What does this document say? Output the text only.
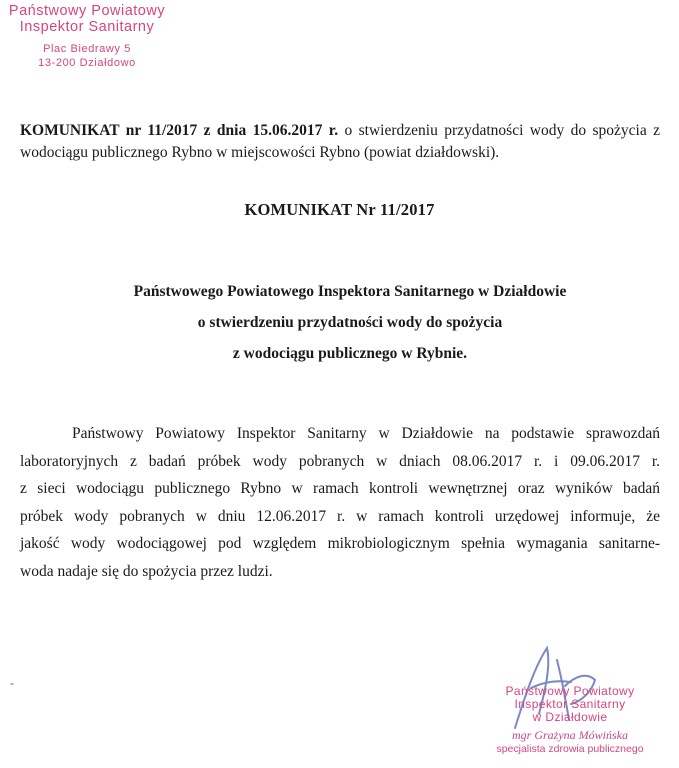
Państwowy Powiatowy
Inspektor Sanitarny
Plac Biedrawy 5
13-200 Działdowo
KOMUNIKAT nr 11/2017 z dnia 15.06.2017 r. o stwierdzeniu przydatności wody do spożycia z wodociągu publicznego Rybno w miejscowości Rybno (powiat działdowski).
KOMUNIKAT Nr 11/2017
Państwowego Powiatowego Inspektora Sanitarnego w Działdowie
o stwierdzeniu przydatności wody do spożycia
z wodociągu publicznego w Rybnie.
Państwowy Powiatowy Inspektor Sanitarny w Działdowie na podstawie sprawozdań
laboratoryjnych z badań próbek wody pobranych w dniach 08.06.2017 r. i 09.06.2017 r.
z sieci wodociągu publicznego Rybno w ramach kontroli wewnętrznej oraz wyników badań
próbek wody pobranych w dniu 12.06.2017 r. w ramach kontroli urzędowej informuje, że
jakość wody wodociągowej pod względem mikrobiologicznym spełnia wymagania sanitarne-
woda nadaje się do spożycia przez ludzi.
-
Państwowy Powiatowy
Inspektor Sanitarny
w Działdowie
mgr Grażyna Mówińska
specjalista zdrowia publicznego
